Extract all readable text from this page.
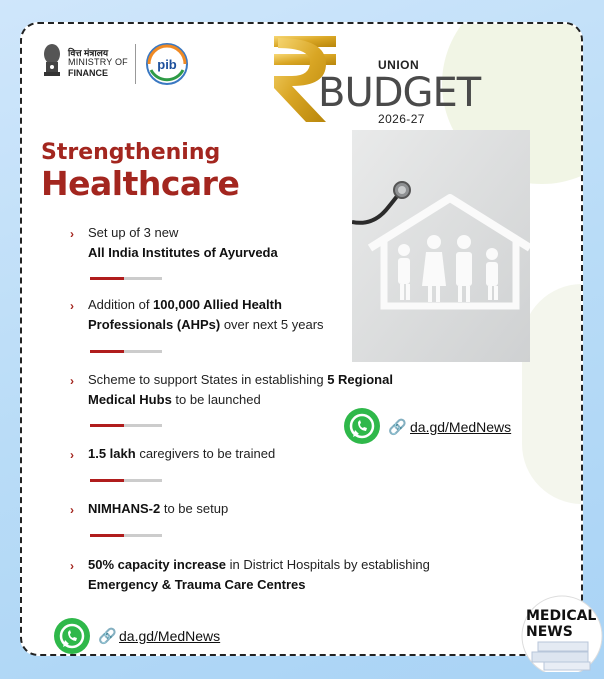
वित्त मंत्रालय
MINISTRY OF
FINANCE
pib	UNION
BUDGET
2026-27
Strengthening
Healthcare
› Set up of 3 new
All India Institutes of Ayurveda
› Addition of 100,000 Allied Health
Professionals (AHPs) over next 5 years
› Scheme to support States in establishing 5 Regional
Medical Hubs to be launched
🔗 da.gd/MedNews
› 1.5 lakh caregivers to be trained
› NIMHANS-2 to be setup
› 50% capacity increase in District Hospitals by establishing
Emergency & Trauma Care Centres
🔗 da.gd/MedNews
MEDICAL
NEWS
